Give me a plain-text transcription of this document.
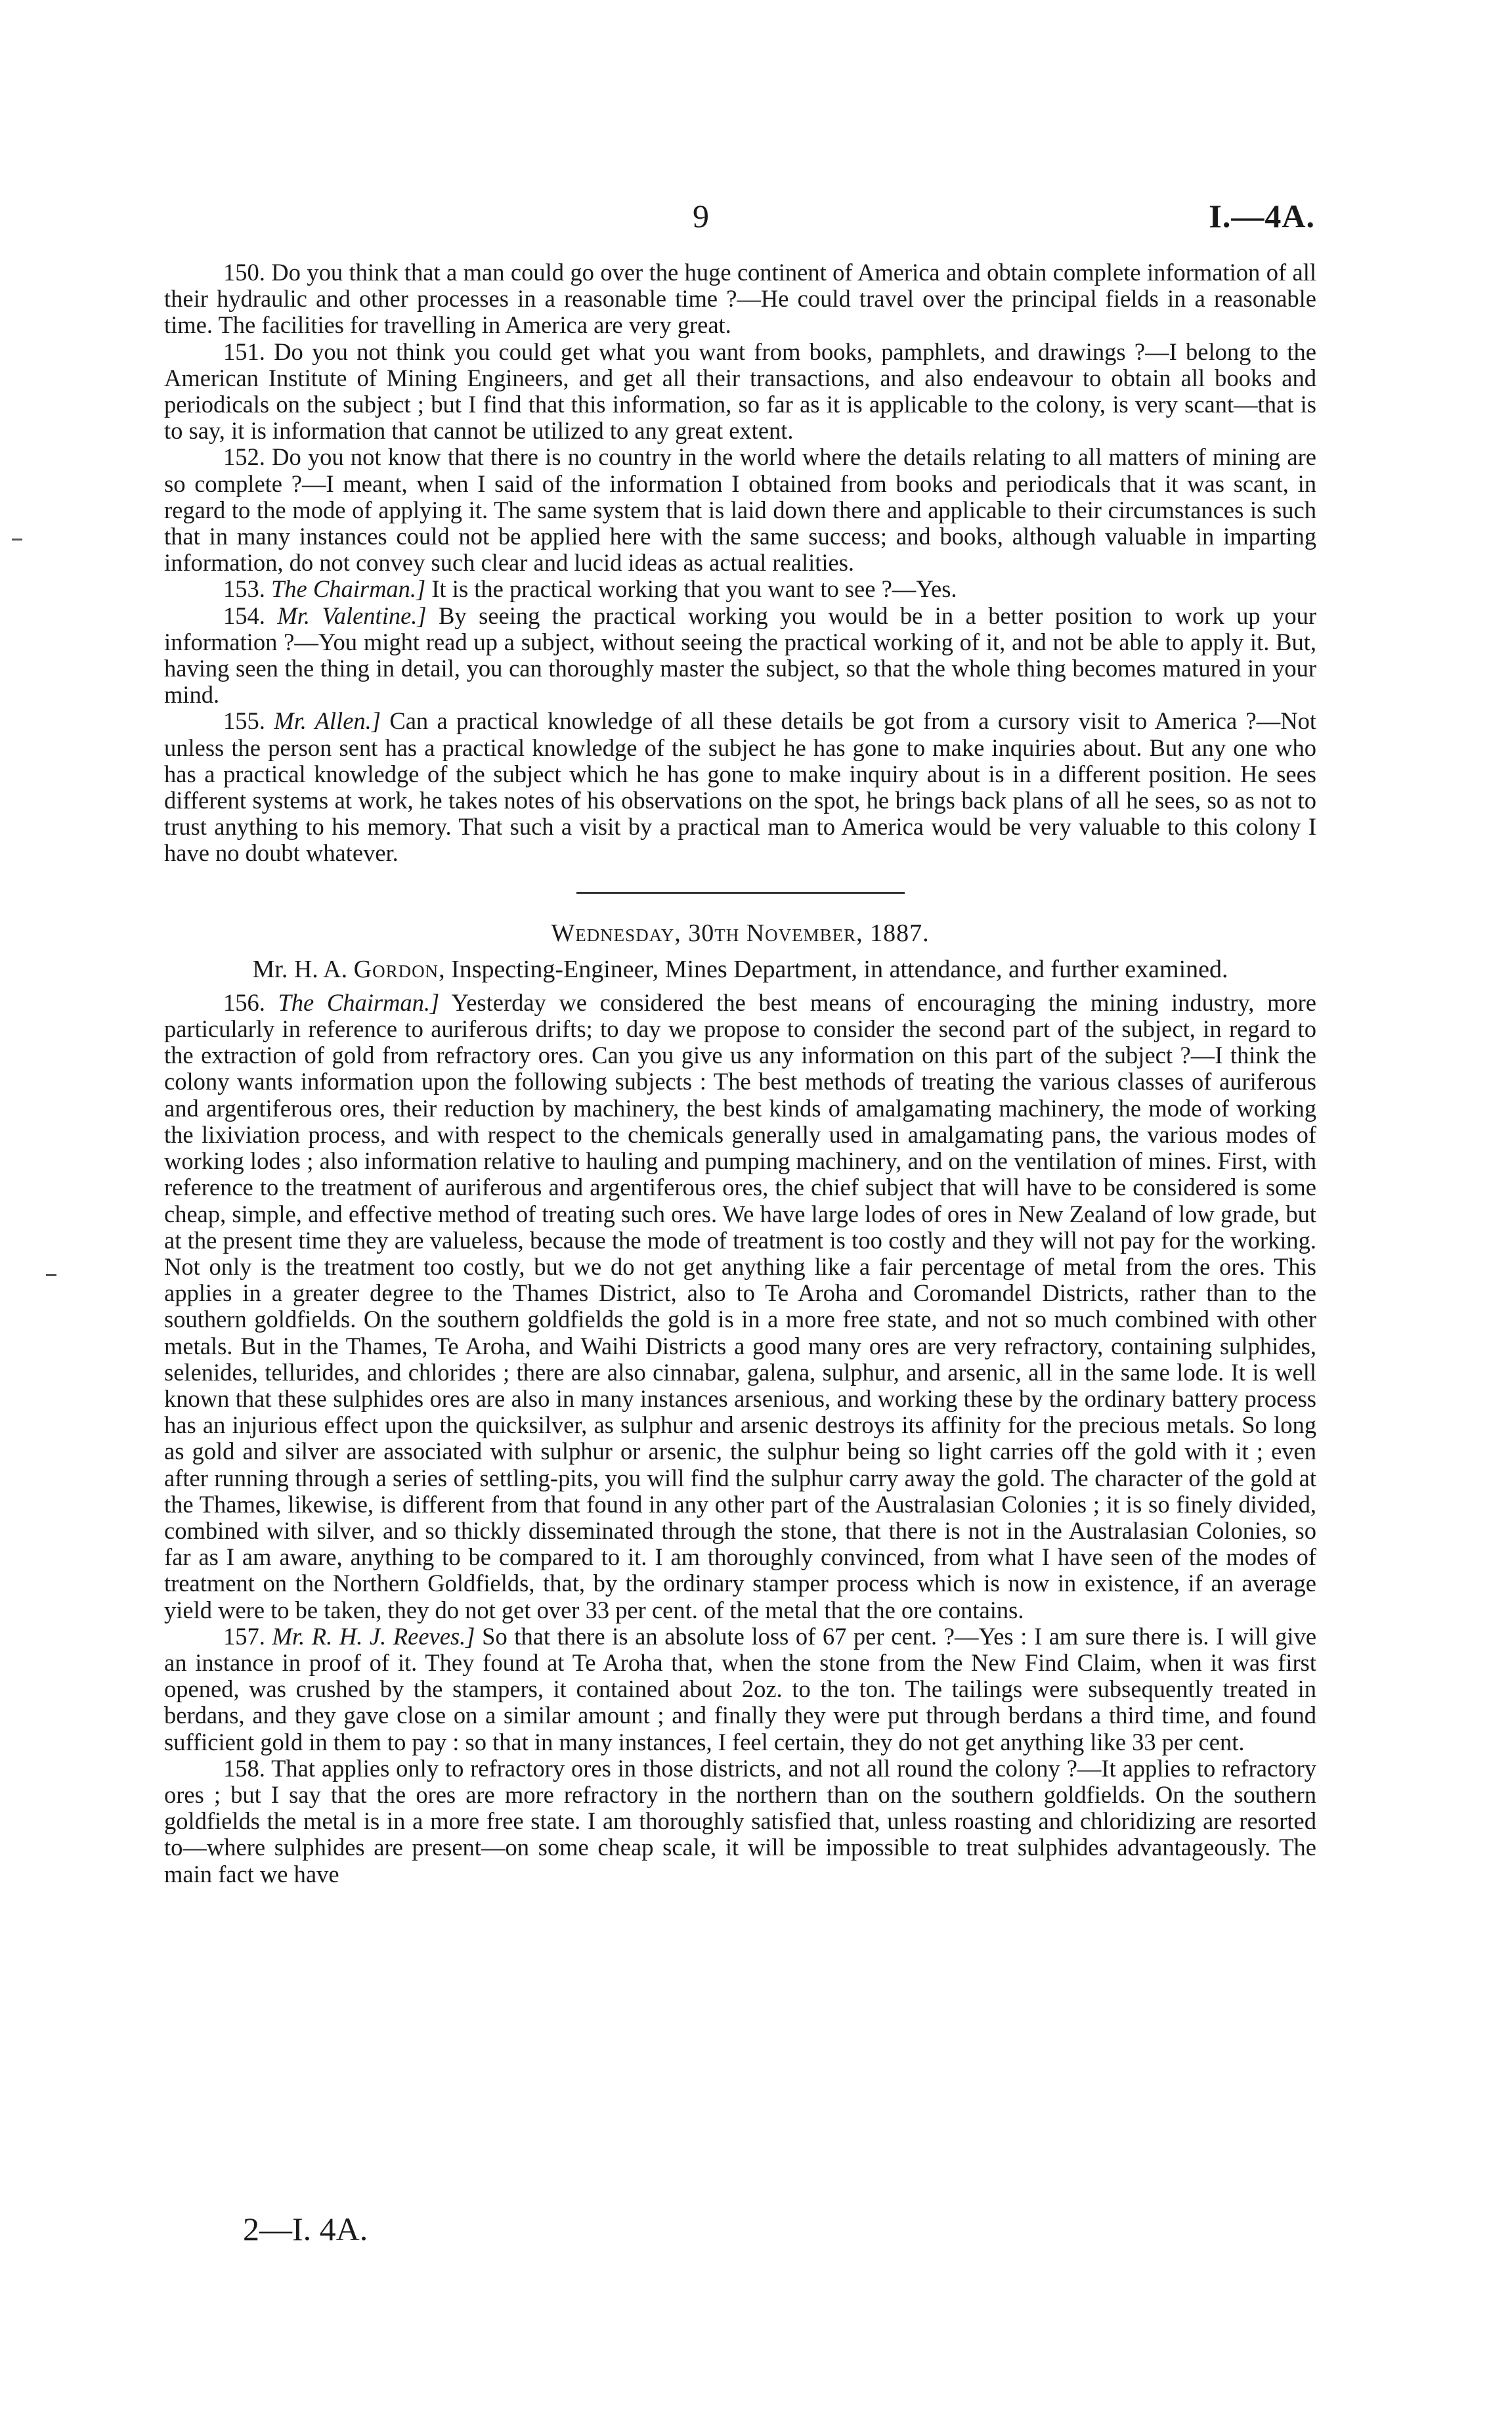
9	I.—4A.

150. Do you think that a man could go over the huge continent of America and obtain complete information of all their hydraulic and other processes in a reasonable time ?—He could travel over the principal fields in a reasonable time. The facilities for travelling in America are very great.

151. Do you not think you could get what you want from books, pamphlets, and drawings ?—I belong to the American Institute of Mining Engineers, and get all their transactions, and also endeavour to obtain all books and periodicals on the subject ; but I find that this information, so far as it is applicable to the colony, is very scant—that is to say, it is information that cannot be utilized to any great extent.

152. Do you not know that there is no country in the world where the details relating to all matters of mining are so complete ?—I meant, when I said of the information I obtained from books and periodicals that it was scant, in regard to the mode of applying it. The same system that is laid down there and applicable to their circumstances is such that in many instances could not be applied here with the same success; and books, although valuable in imparting information, do not convey such clear and lucid ideas as actual realities.

153. The Chairman.] It is the practical working that you want to see ?—Yes.

154. Mr. Valentine.] By seeing the practical working you would be in a better position to work up your information ?—You might read up a subject, without seeing the practical working of it, and not be able to apply it. But, having seen the thing in detail, you can thoroughly master the subject, so that the whole thing becomes matured in your mind.

155. Mr. Allen.] Can a practical knowledge of all these details be got from a cursory visit to America ?—Not unless the person sent has a practical knowledge of the subject he has gone to make inquiries about. But any one who has a practical knowledge of the subject which he has gone to make inquiry about is in a different position. He sees different systems at work, he takes notes of his observations on the spot, he brings back plans of all he sees, so as not to trust anything to his memory. That such a visit by a practical man to America would be very valuable to this colony I have no doubt whatever.

Wednesday, 30th November, 1887.
Mr. H. A. Gordon, Inspecting-Engineer, Mines Department, in attendance, and further examined.

156. The Chairman.] Yesterday we considered the best means of encouraging the mining industry, more particularly in reference to auriferous drifts; to day we propose to consider the second part of the subject, in regard to the extraction of gold from refractory ores. Can you give us any information on this part of the subject ?—I think the colony wants information upon the following subjects : The best methods of treating the various classes of auriferous and argentiferous ores, their reduction by machinery, the best kinds of amalgamating machinery, the mode of working the lixiviation process, and with respect to the chemicals generally used in amalgamating pans, the various modes of working lodes ; also information relative to hauling and pumping machinery, and on the ventilation of mines. First, with reference to the treatment of auriferous and argentiferous ores, the chief subject that will have to be considered is some cheap, simple, and effective method of treating such ores. We have large lodes of ores in New Zealand of low grade, but at the present time they are valueless, because the mode of treatment is too costly and they will not pay for the working. Not only is the treatment too costly, but we do not get anything like a fair percentage of metal from the ores. This applies in a greater degree to the Thames District, also to Te Aroha and Coromandel Districts, rather than to the southern goldfields. On the southern goldfields the gold is in a more free state, and not so much combined with other metals. But in the Thames, Te Aroha, and Waihi Districts a good many ores are very refractory, containing sulphides, selenides, tellurides, and chlorides ; there are also cinnabar, galena, sulphur, and arsenic, all in the same lode. It is well known that these sulphides ores are also in many instances arsenious, and working these by the ordinary battery process has an injurious effect upon the quicksilver, as sulphur and arsenic destroys its affinity for the precious metals. So long as gold and silver are associated with sulphur or arsenic, the sulphur being so light carries off the gold with it ; even after running through a series of settling-pits, you will find the sulphur carry away the gold. The character of the gold at the Thames, likewise, is different from that found in any other part of the Australasian Colonies ; it is so finely divided, combined with silver, and so thickly disseminated through the stone, that there is not in the Australasian Colonies, so far as I am aware, anything to be compared to it. I am thoroughly convinced, from what I have seen of the modes of treatment on the Northern Goldfields, that, by the ordinary stamper process which is now in existence, if an average yield were to be taken, they do not get over 33 per cent. of the metal that the ore contains.

157. Mr. R. H. J. Reeves.] So that there is an absolute loss of 67 per cent. ?—Yes : I am sure there is. I will give an instance in proof of it. They found at Te Aroha that, when the stone from the New Find Claim, when it was first opened, was crushed by the stampers, it contained about 2oz. to the ton. The tailings were subsequently treated in berdans, and they gave close on a similar amount ; and finally they were put through berdans a third time, and found sufficient gold in them to pay : so that in many instances, I feel certain, they do not get anything like 33 per cent.

158. That applies only to refractory ores in those districts, and not all round the colony ?—It applies to refractory ores ; but I say that the ores are more refractory in the northern than on the southern goldfields. On the southern goldfields the metal is in a more free state. I am thoroughly satisfied that, unless roasting and chloridizing are resorted to—where sulphides are present—on some cheap scale, it will be impossible to treat sulphides advantageously. The main fact we have

2—I. 4A.
